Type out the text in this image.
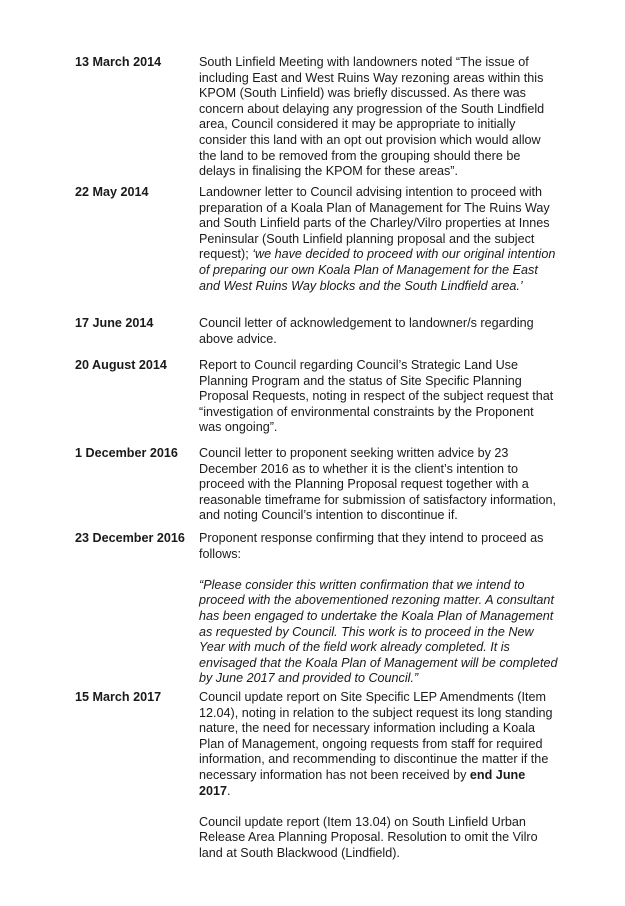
13 March 2014	South Linfield Meeting with landowners noted “The issue of including East and West Ruins Way rezoning areas within this KPOM (South Linfield) was briefly discussed. As there was concern about delaying any progression of the South Lindfield area, Council considered it may be appropriate to initially consider this land with an opt out provision which would allow the land to be removed from the grouping should there be delays in finalising the KPOM for these areas”.

22 May 2014	Landowner letter to Council advising intention to proceed with preparation of a Koala Plan of Management for The Ruins Way and South Linfield parts of the Charley/Vilro properties at Innes Peninsular (South Linfield planning proposal and the subject request); ‘we have decided to proceed with our original intention of preparing our own Koala Plan of Management for the East and West Ruins Way blocks and the South Lindfield area.’

17 June 2014	Council letter of acknowledgement to landowner/s regarding above advice.

20 August 2014	Report to Council regarding Council’s Strategic Land Use Planning Program and the status of Site Specific Planning Proposal Requests, noting in respect of the subject request that “investigation of environmental constraints by the Proponent was ongoing”.

1 December 2016	Council letter to proponent seeking written advice by 23 December 2016 as to whether it is the client’s intention to proceed with the Planning Proposal request together with a reasonable timeframe for submission of satisfactory information, and noting Council’s intention to discontinue if.

23 December 2016	Proponent response confirming that they intend to proceed as follows:

“Please consider this written confirmation that we intend to proceed with the abovementioned rezoning matter. A consultant has been engaged to undertake the Koala Plan of Management as requested by Council. This work is to proceed in the New Year with much of the field work already completed. It is envisaged that the Koala Plan of Management will be completed by June 2017 and provided to Council.”

15 March 2017	Council update report on Site Specific LEP Amendments (Item 12.04), noting in relation to the subject request its long standing nature, the need for necessary information including a Koala Plan of Management, ongoing requests from staff for required information, and recommending to discontinue the matter if the necessary information has not been received by end June 2017.

Council update report (Item 13.04) on South Linfield Urban Release Area Planning Proposal. Resolution to omit the Vilro land at South Blackwood (Lindfield).
